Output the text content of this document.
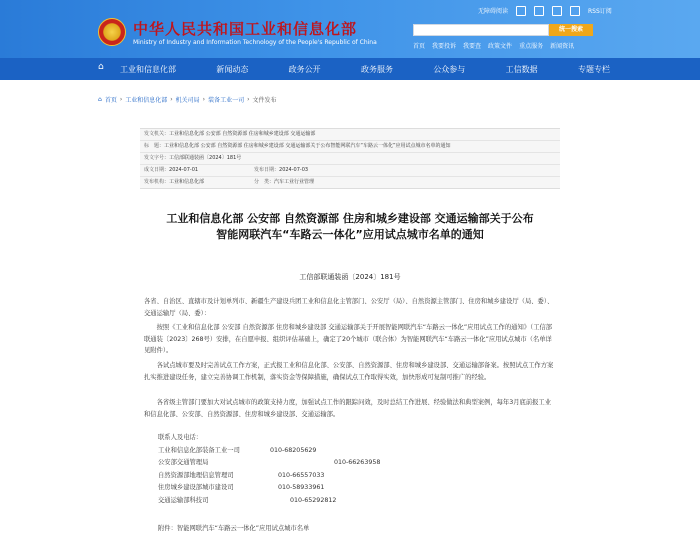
中华人民共和国工业和信息化部
Ministry of Industry and Information Technology of the People's Republic of China
无障碍阅读	RSS订阅
统一搜索
首页 我要投诉 我要查 政策文件 重点服务 新闻资讯
⌂	工业和信息化部	新闻动态	政务公开	政务服务	公众参与	工信数据	专题专栏
⌂ 首页 › 工业和信息化部 › 机关司局 › 装备工业一司 › 文件发布
发文机关： 工业和信息化部 公安部 自然资源部 住房和城乡建设部 交通运输部
标　题： 工业和信息化部 公安部 自然资源部 住房和城乡建设部 交通运输部关于公布智能网联汽车“车路云一体化”应用试点城市名单的通知
发文字号： 工信部联通装函〔2024〕181号
成文日期：2024-07-01	发布日期：2024-07-03
发布机构：工业和信息化部	分　类：汽车工业行业管理
工业和信息化部 公安部 自然资源部 住房和城乡建设部 交通运输部关于公布
智能网联汽车“车路云一体化”应用试点城市名单的通知
工信部联通装函〔2024〕181号
各省、自治区、直辖市及计划单列市、新疆生产建设兵团工业和信息化主管部门、公安厅（局）、自然资源主管部门、住房和城乡建设厅（局、委）、交通运输厅（局、委）：
　　按照《工业和信息化部 公安部 自然资源部 住房和城乡建设部 交通运输部关于开展智能网联汽车“车路云一体化”应用试点工作的通知》（工信部联通装〔2023〕268号）安排，在自愿申报、组织评估基础上，确定了20个城市（联合体）为智能网联汽车“车路云一体化”应用试点城市（名单详见附件）。
　　各试点城市要及时完善试点工作方案，正式报工业和信息化部、公安部、自然资源部、住房和城乡建设部、交通运输部备案。按照试点工作方案扎实推进建设任务，建立完善协调工作机制，落实资金等保障措施，确保试点工作取得实效，加快形成可复制可推广的经验。
　　各省级主管部门要加大对试点城市的政策支持力度，加强试点工作的跟踪问效，及时总结工作进展、经验做法和典型案例，每年3月底前报工业和信息化部、公安部、自然资源部、住房和城乡建设部、交通运输部。
联系人及电话：
工业和信息化部装备工业一司	010-68205629
公安部交通管理局	010-66263958
自然资源部地理信息管理司	010-66557033
住房城乡建设部城市建设司	010-58933961
交通运输部科技司	010-65292812
附件：智能网联汽车“车路云一体化”应用试点城市名单
